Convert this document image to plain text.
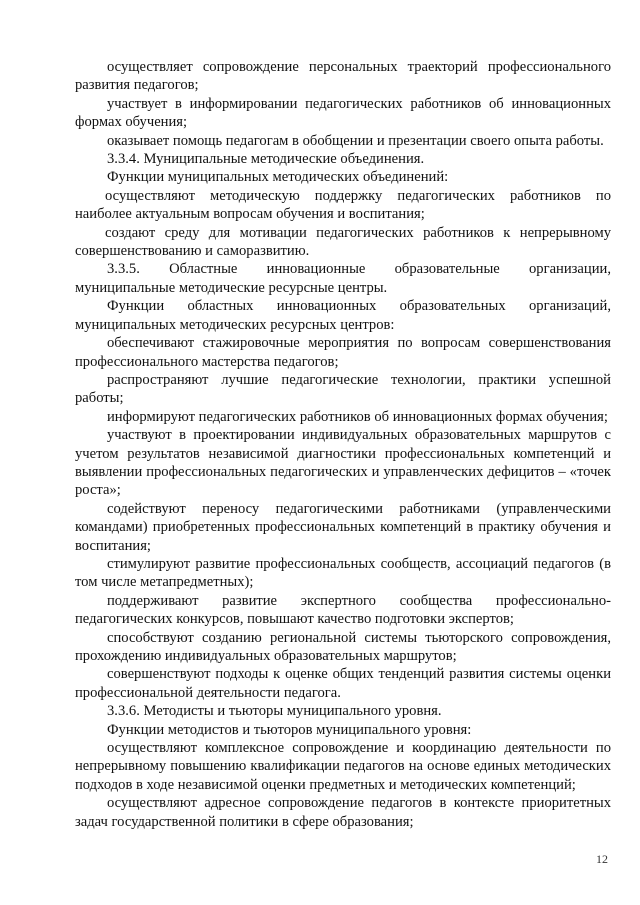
осуществляет сопровождение персональных траекторий профессионального развития педагогов;

участвует в информировании педагогических работников об инновационных формах обучения;

оказывает помощь педагогам в обобщении и презентации своего опыта работы.

3.3.4. Муниципальные методические объединения.

Функции муниципальных методических объединений:

осуществляют методическую поддержку педагогических работников по наиболее актуальным вопросам обучения и воспитания;

создают среду для мотивации педагогических работников к непрерывному совершенствованию и саморазвитию.

3.3.5. Областные инновационные образовательные организации, муниципальные методические ресурсные центры.

Функции областных инновационных образовательных организаций, муниципальных методических ресурсных центров:

обеспечивают стажировочные мероприятия по вопросам совершенствования профессионального мастерства педагогов;

распространяют лучшие педагогические технологии, практики успешной работы;

информируют педагогических работников об инновационных формах обучения;

участвуют в проектировании индивидуальных образовательных маршрутов с учетом результатов независимой диагностики профессиональных компетенций и выявлении профессиональных педагогических и управленческих дефицитов – «точек роста»;

содействуют переносу педагогическими работниками (управленческими командами) приобретенных профессиональных компетенций в практику обучения и воспитания;

стимулируют развитие профессиональных сообществ, ассоциаций педагогов (в том числе метапредметных);

поддерживают развитие экспертного сообщества профессионально-педагогических конкурсов, повышают качество подготовки экспертов;

способствуют созданию региональной системы тьюторского сопровождения, прохождению индивидуальных образовательных маршрутов;

совершенствуют подходы к оценке общих тенденций развития системы оценки профессиональной деятельности педагога.

3.3.6. Методисты и тьюторы муниципального уровня.

Функции методистов и тьюторов муниципального уровня:

осуществляют комплексное сопровождение и координацию деятельности по непрерывному повышению квалификации педагогов на основе единых методических подходов в ходе независимой оценки предметных и методических компетенций;

осуществляют адресное сопровождение педагогов в контексте приоритетных задач государственной политики в сфере образования;

12
